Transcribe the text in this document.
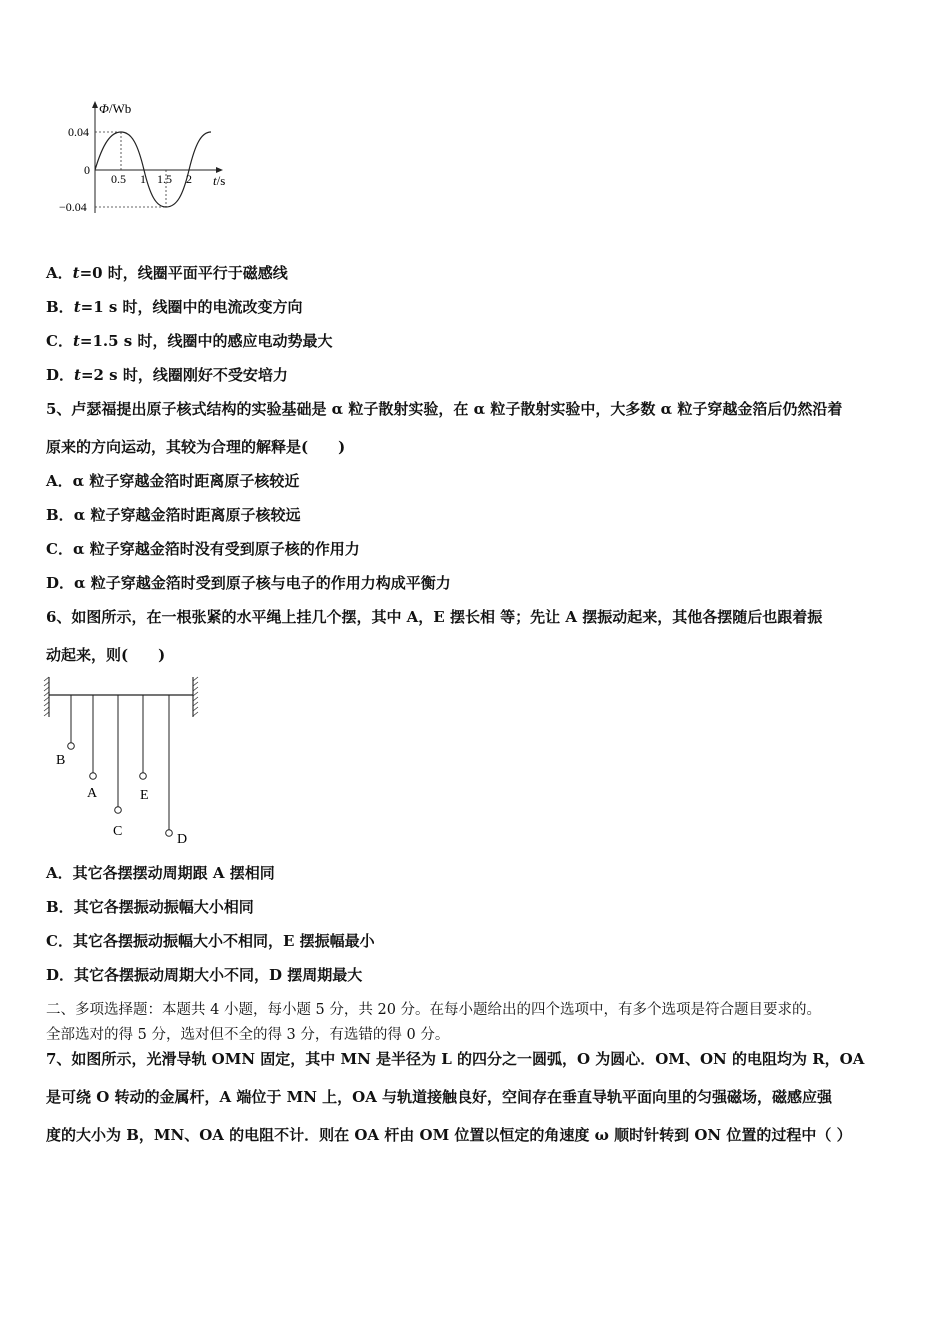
Φ/Wb
0.04
0
−0.04
0.5 1 1.5 2 t/s
A．t=0 时，线圈平面平行于磁感线
B．t=1 s 时，线圈中的电流改变方向
C．t=1.5 s 时，线圈中的感应电动势最大
D．t=2 s 时，线圈刚好不受安培力
5、卢瑟福提出原子核式结构的实验基础是 α 粒子散射实验，在 α 粒子散射实验中，大多数 α 粒子穿越金箔后仍然沿着
原来的方向运动，其较为合理的解释是(　　)
A．α 粒子穿越金箔时距离原子核较近
B．α 粒子穿越金箔时距离原子核较远
C．α 粒子穿越金箔时没有受到原子核的作用力
D．α 粒子穿越金箔时受到原子核与电子的作用力构成平衡力
6、如图所示，在一根张紧的水平绳上挂几个摆，其中 A，E 摆长相 等；先让 A 摆振动起来，其他各摆随后也跟着振
动起来，则(　　)
B
A
C
E
D
A．其它各摆摆动周期跟 A 摆相同
B．其它各摆振动振幅大小相同
C．其它各摆振动振幅大小不相同，E 摆振幅最小
D．其它各摆振动周期大小不同，D 摆周期最大
二、多项选择题：本题共 4 小题，每小题 5 分，共 20 分。在每小题给出的四个选项中，有多个选项是符合题目要求的。
全部选对的得 5 分，选对但不全的得 3 分，有选错的得 0 分。
7、如图所示，光滑导轨 OMN 固定，其中 MN 是半径为 L 的四分之一圆弧，O 为圆心．OM、ON 的电阻均为 R，OA
是可绕 O 转动的金属杆，A 端位于 MN 上，OA 与轨道接触良好，空间存在垂直导轨平面向里的匀强磁场，磁感应强
度的大小为 B，MN、OA 的电阻不计．则在 OA 杆由 OM 位置以恒定的角速度 ω 顺时针转到 ON 位置的过程中（ ）
